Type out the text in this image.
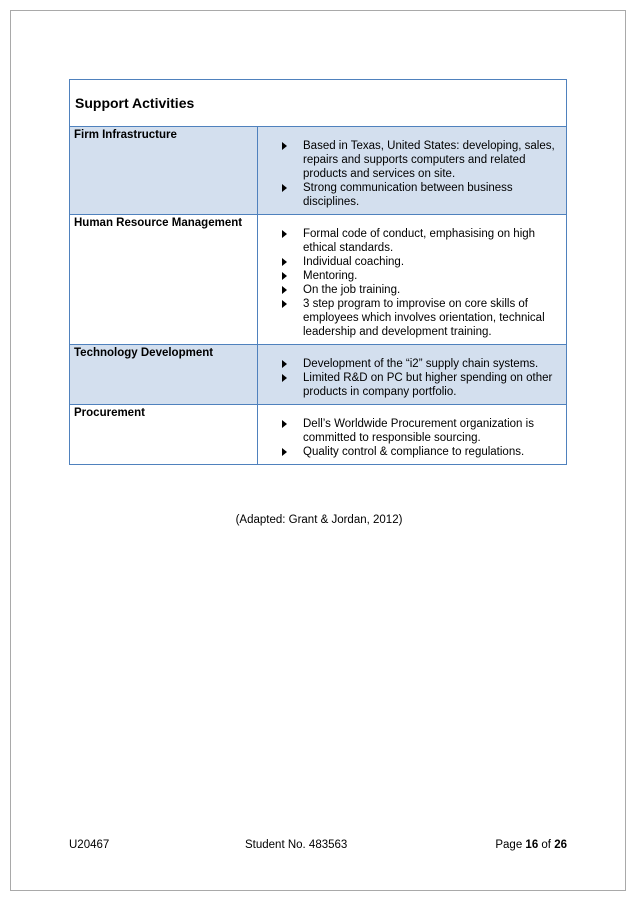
Support Activities
Firm Infrastructure
Based in Texas, United States: developing, sales, repairs and supports computers and related products and services on site.
Strong communication between business disciplines.
Human Resource Management
Formal code of conduct, emphasising on high ethical standards.
Individual coaching.
Mentoring.
On the job training.
3 step program to improvise on core skills of employees which involves orientation, technical leadership and development training.
Technology Development
Development of the “i2” supply chain systems.
Limited R&D on PC but higher spending on other products in company portfolio.
Procurement
Dell’s Worldwide Procurement organization is committed to responsible sourcing.
Quality control & compliance to regulations.
(Adapted: Grant & Jordan, 2012)
U20467	Student No. 483563	Page 16 of 26
